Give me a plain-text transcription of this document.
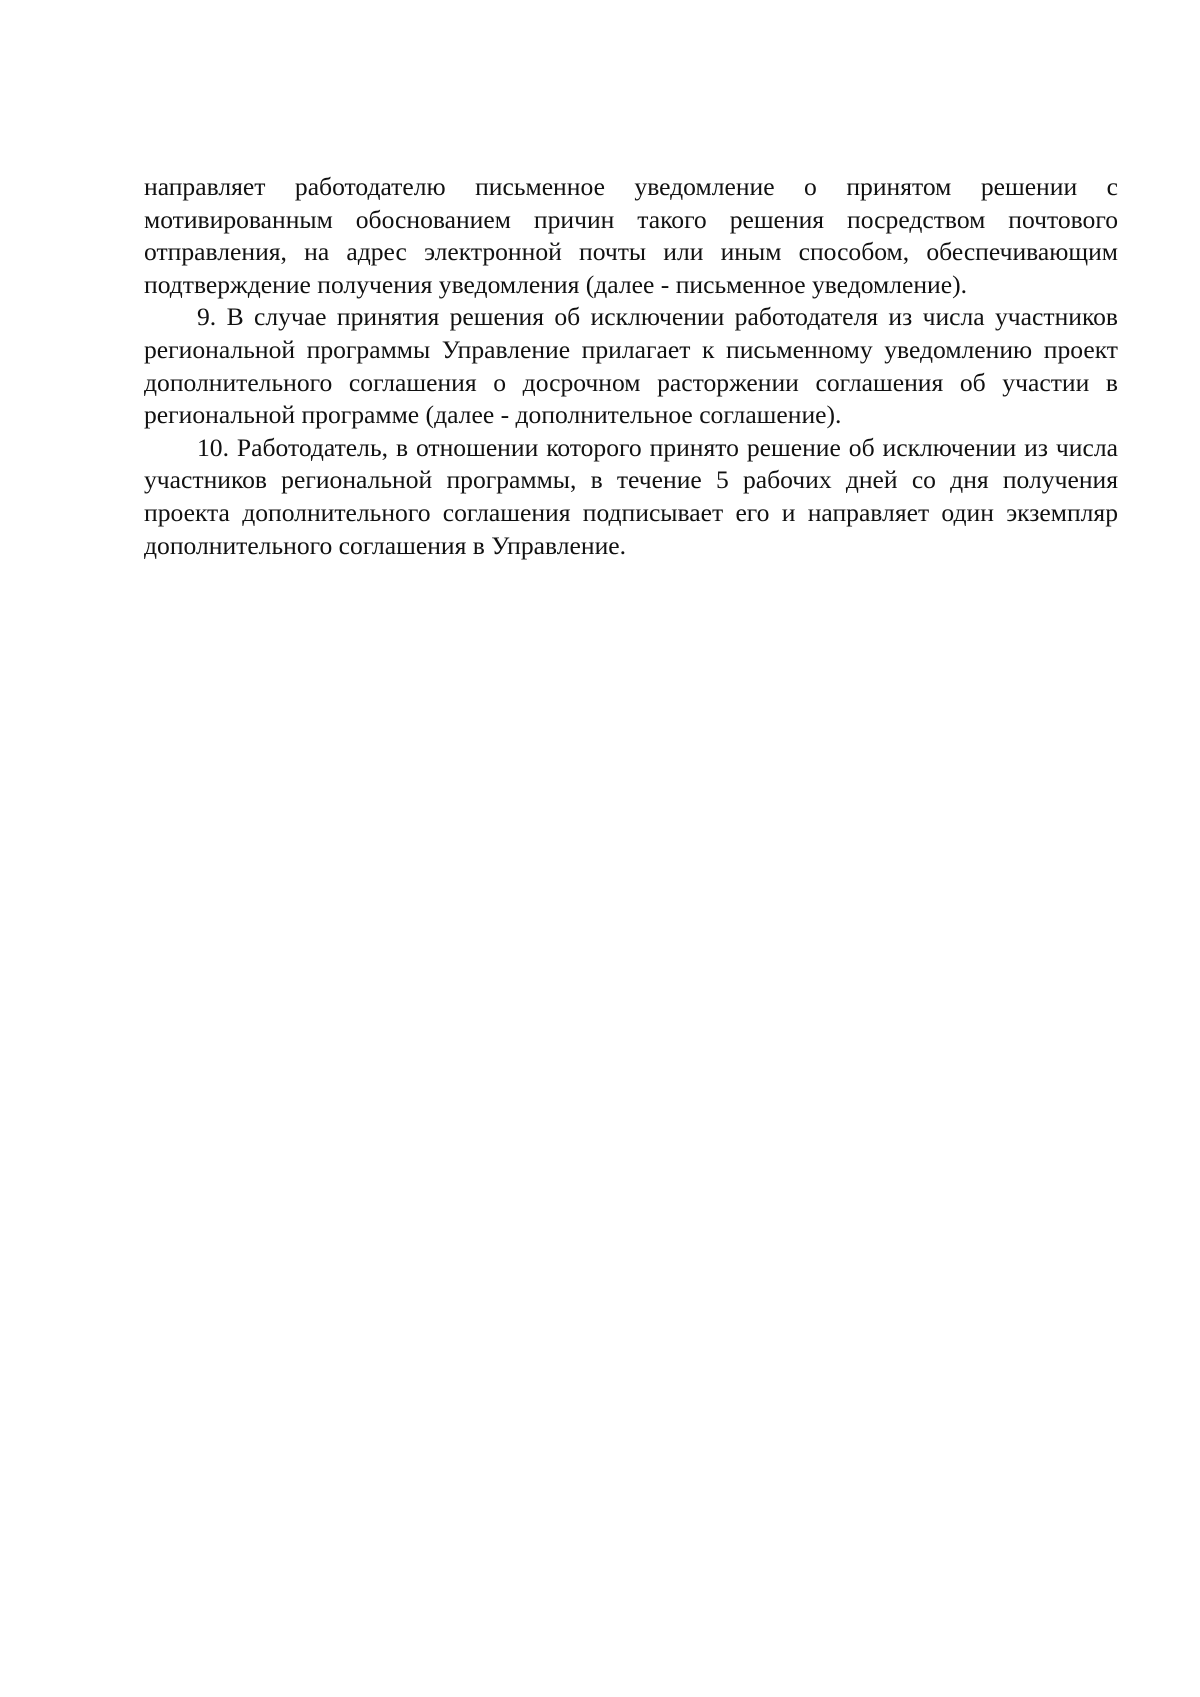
направляет работодателю письменное уведомление о принятом решении с мотивированным обоснованием причин такого решения посредством почтового отправления, на адрес электронной почты или иным способом, обеспечивающим подтверждение получения уведомления (далее - письменное уведомление).

9. В случае принятия решения об исключении работодателя из числа участников региональной программы Управление прилагает к письменному уведомлению проект дополнительного соглашения о досрочном расторжении соглашения об участии в региональной программе (далее - дополнительное соглашение).

10. Работодатель, в отношении которого принято решение об исключении из числа участников региональной программы, в течение 5 рабочих дней со дня получения проекта дополнительного соглашения подписывает его и направляет один экземпляр дополнительного соглашения в Управление.
